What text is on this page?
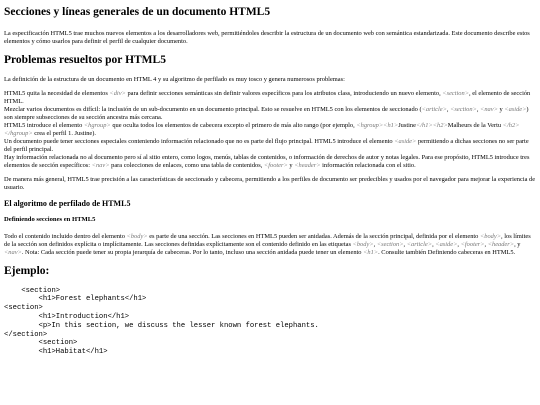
Secciones y líneas generales de un documento HTML5

La especificación HTML5 trae muchos nuevos elementos a los desarrolladores web, permitiéndoles describir la estructura de un documento web con semántica estandarizada. Este documento describe estos elementos y cómo usarlos para definir el perfil de cualquier documento.

Problemas resueltos por HTML5

La definición de la estructura de un documento en HTML 4 y su algoritmo de perfilado es muy tosco y genera numerosos problemas:

HTML5 quita la necesidad de elementos <div> para definir secciones semánticas sin definir valores específicos para los atributos class, introduciendo un nuevo elemento, <section>, el elemento de sección HTML.

Mezclar varios documentos es difícil: la inclusión de un sub-documento en un documento principal. Esto se resuelve en HTML5 con los elementos de seccionado (<article>, <section>, <nav> y <aside>) son siempre subsecciones de su sección ancestra más cercana.

HTML5 introduce el elemento <hgroup> que oculta todos los elementos de cabecera excepto el primero de más alto rango (por ejemplo, <hgroup><h1>Justine</h1><h2>Malheurs de la Vertu </h2></hgroup> crea el perfil 1. Justine).

Un documento puede tener secciones especiales conteniendo información relacionado que no es parte del flujo principal. HTML5 introduce el elemento <aside> permitiendo a dichas secciones no ser parte del perfil principal.

Hay información relacionada no al documento pero sí al sitio entero, como logos, menús, tablas de contenidos, o información de derechos de autor y notas legales. Para ese propósito, HTML5 introduce tres elementos de sección específicos: <nav> para colecciones de enlaces, como una tabla de contenidos, <footer> y <header> información relacionada con el sitio.

De manera más general, HTML5 trae precisión a las características de seccionado y cabecera, permitiendo a los perfiles de documento ser predecibles y usados por el navegador para mejorar la experiencia de usuario.

El algoritmo de perfilado de HTML5
Definiendo secciones en HTML5

Todo el contenido incluido dentro del elemento <body> es parte de una sección. Las secciones en HTML5 pueden ser anidadas. Además de la sección principal, definida por el elemento <body>, los límites de la sección son definidos explícita o implícitamente. Las secciones definidas explícitamente son el contenido definido en las etiquetas <body>, <section>, <article>, <aside>, <footer>, <header>, y <nav>. Nota: Cada sección puede tener su propia jerarquía de cabeceras. Por lo tanto, incluso una sección anidada puede tener un elemento <h1>. Consulte también Definiendo cabeceras en HTML5.

Ejemplo:
<section>
<h1>Forest elephants</h1>
<section>
<h1>Introduction</h1>
<p>In this section, we discuss the lesser known forest elephants.
</section>
<section>
<h1>Habitat</h1>
